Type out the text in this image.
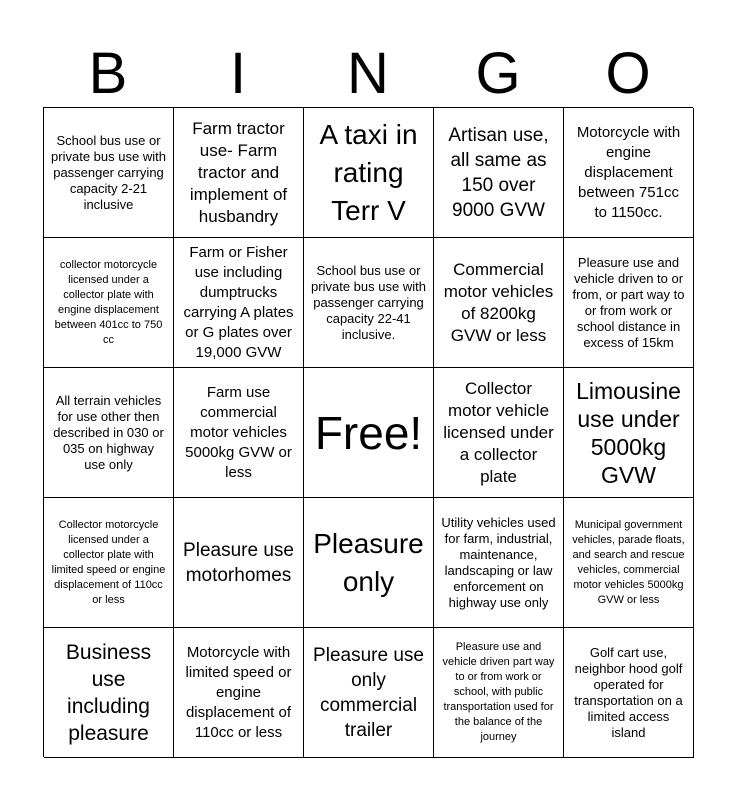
B	I	N	G	O
School bus use or private bus use with passenger carrying capacity 2-21 inclusive
Farm tractor use- Farm tractor and implement of husbandry
A taxi in rating Terr V
Artisan use, all same as 150 over 9000 GVW
Motorcycle with engine displacement between 751cc to 1150cc.
collector motorcycle licensed under a collector plate with engine displacement between 401cc to 750 cc
Farm or Fisher use including dumptrucks carrying A plates or G plates over 19,000 GVW
School bus use or private bus use with passenger carrying capacity 22-41 inclusive.
Commercial motor vehicles of 8200kg GVW or less
Pleasure use and vehicle driven to or from, or part way to or from work or school distance in excess of 15km
All terrain vehicles for use other then described in 030 or 035 on highway use only
Farm use commercial motor vehicles 5000kg GVW or less
Free!
Collector motor vehicle licensed under a collector plate
Limousine use under 5000kg GVW
Collector motorcycle licensed under a collector plate with limited speed or engine displacement of 110cc or less
Pleasure use motorhomes
Pleasure only
Utility vehicles used for farm, industrial, maintenance, landscaping or law enforcement on highway use only
Municipal government vehicles, parade floats, and search and rescue vehicles, commercial motor vehicles 5000kg GVW or less
Business use including pleasure
Motorcycle with limited speed or engine displacement of 110cc or less
Pleasure use only commercial trailer
Pleasure use and vehicle driven part way to or from work or school, with public transportation used for the balance of the journey
Golf cart use, neighbor hood golf operated for transportation on a limited access island
